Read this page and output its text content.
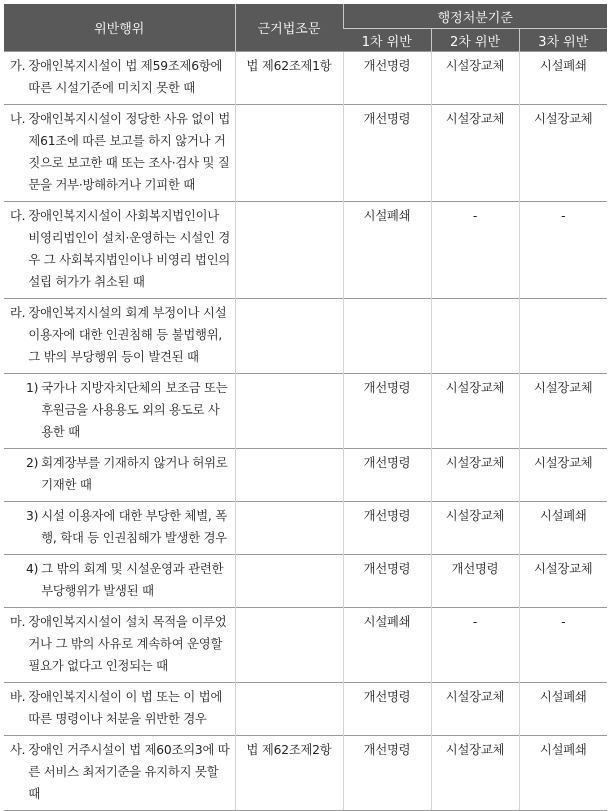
위반행위	근거법조문	행정처분기준		
		1차 위반	2차 위반	3차 위반

가. 장애인복지시설이 법 제59조제6항에 따른 시설기준에 미치지 못한 때	법 제62조제1항	개선명령	시설장교체	시설폐쇄

나. 장애인복지시설이 정당한 사유 없이 법 제61조에 따른 보고를 하지 않거나 거짓으로 보고한 때 또는 조사·검사 및 질문을 거부·방해하거나 기피한 때		개선명령	시설장교체	시설장교체

다. 장애인복지시설이 사회복지법인이나 비영리법인이 설치·운영하는 시설인 경우 그 사회복지법인이나 비영리 법인의 설립 허가가 취소된 때		시설폐쇄	-	-

라. 장애인복지시설의 회계 부정이나 시설 이용자에 대한 인권침해 등 불법행위, 그 밖의 부당행위 등이 발견된 때				

1) 국가나 지방자치단체의 보조금 또는 후원금을 사용용도 외의 용도로 사용한 때		개선명령	시설장교체	시설장교체

2) 회계장부를 기재하지 않거나 허위로 기재한 때		개선명령	시설장교체	시설장교체

3) 시설 이용자에 대한 부당한 체벌, 폭행, 학대 등 인권침해가 발생한 경우		개선명령	시설장교체	시설폐쇄

4) 그 밖의 회계 및 시설운영과 관련한 부당행위가 발생된 때		개선명령	개선명령	시설장교체

마. 장애인복지시설이 설치 목적을 이루었거나 그 밖의 사유로 계속하여 운영할 필요가 없다고 인정되는 때		시설폐쇄	-	-

바. 장애인복지시설이 이 법 또는 이 법에 따른 명령이나 처분을 위반한 경우		개선명령	시설장교체	시설폐쇄

사. 장애인 거주시설이 법 제60조의3에 따른 서비스 최저기준을 유지하지 못할 때	법 제62조제2항	개선명령	시설장교체	시설폐쇄
